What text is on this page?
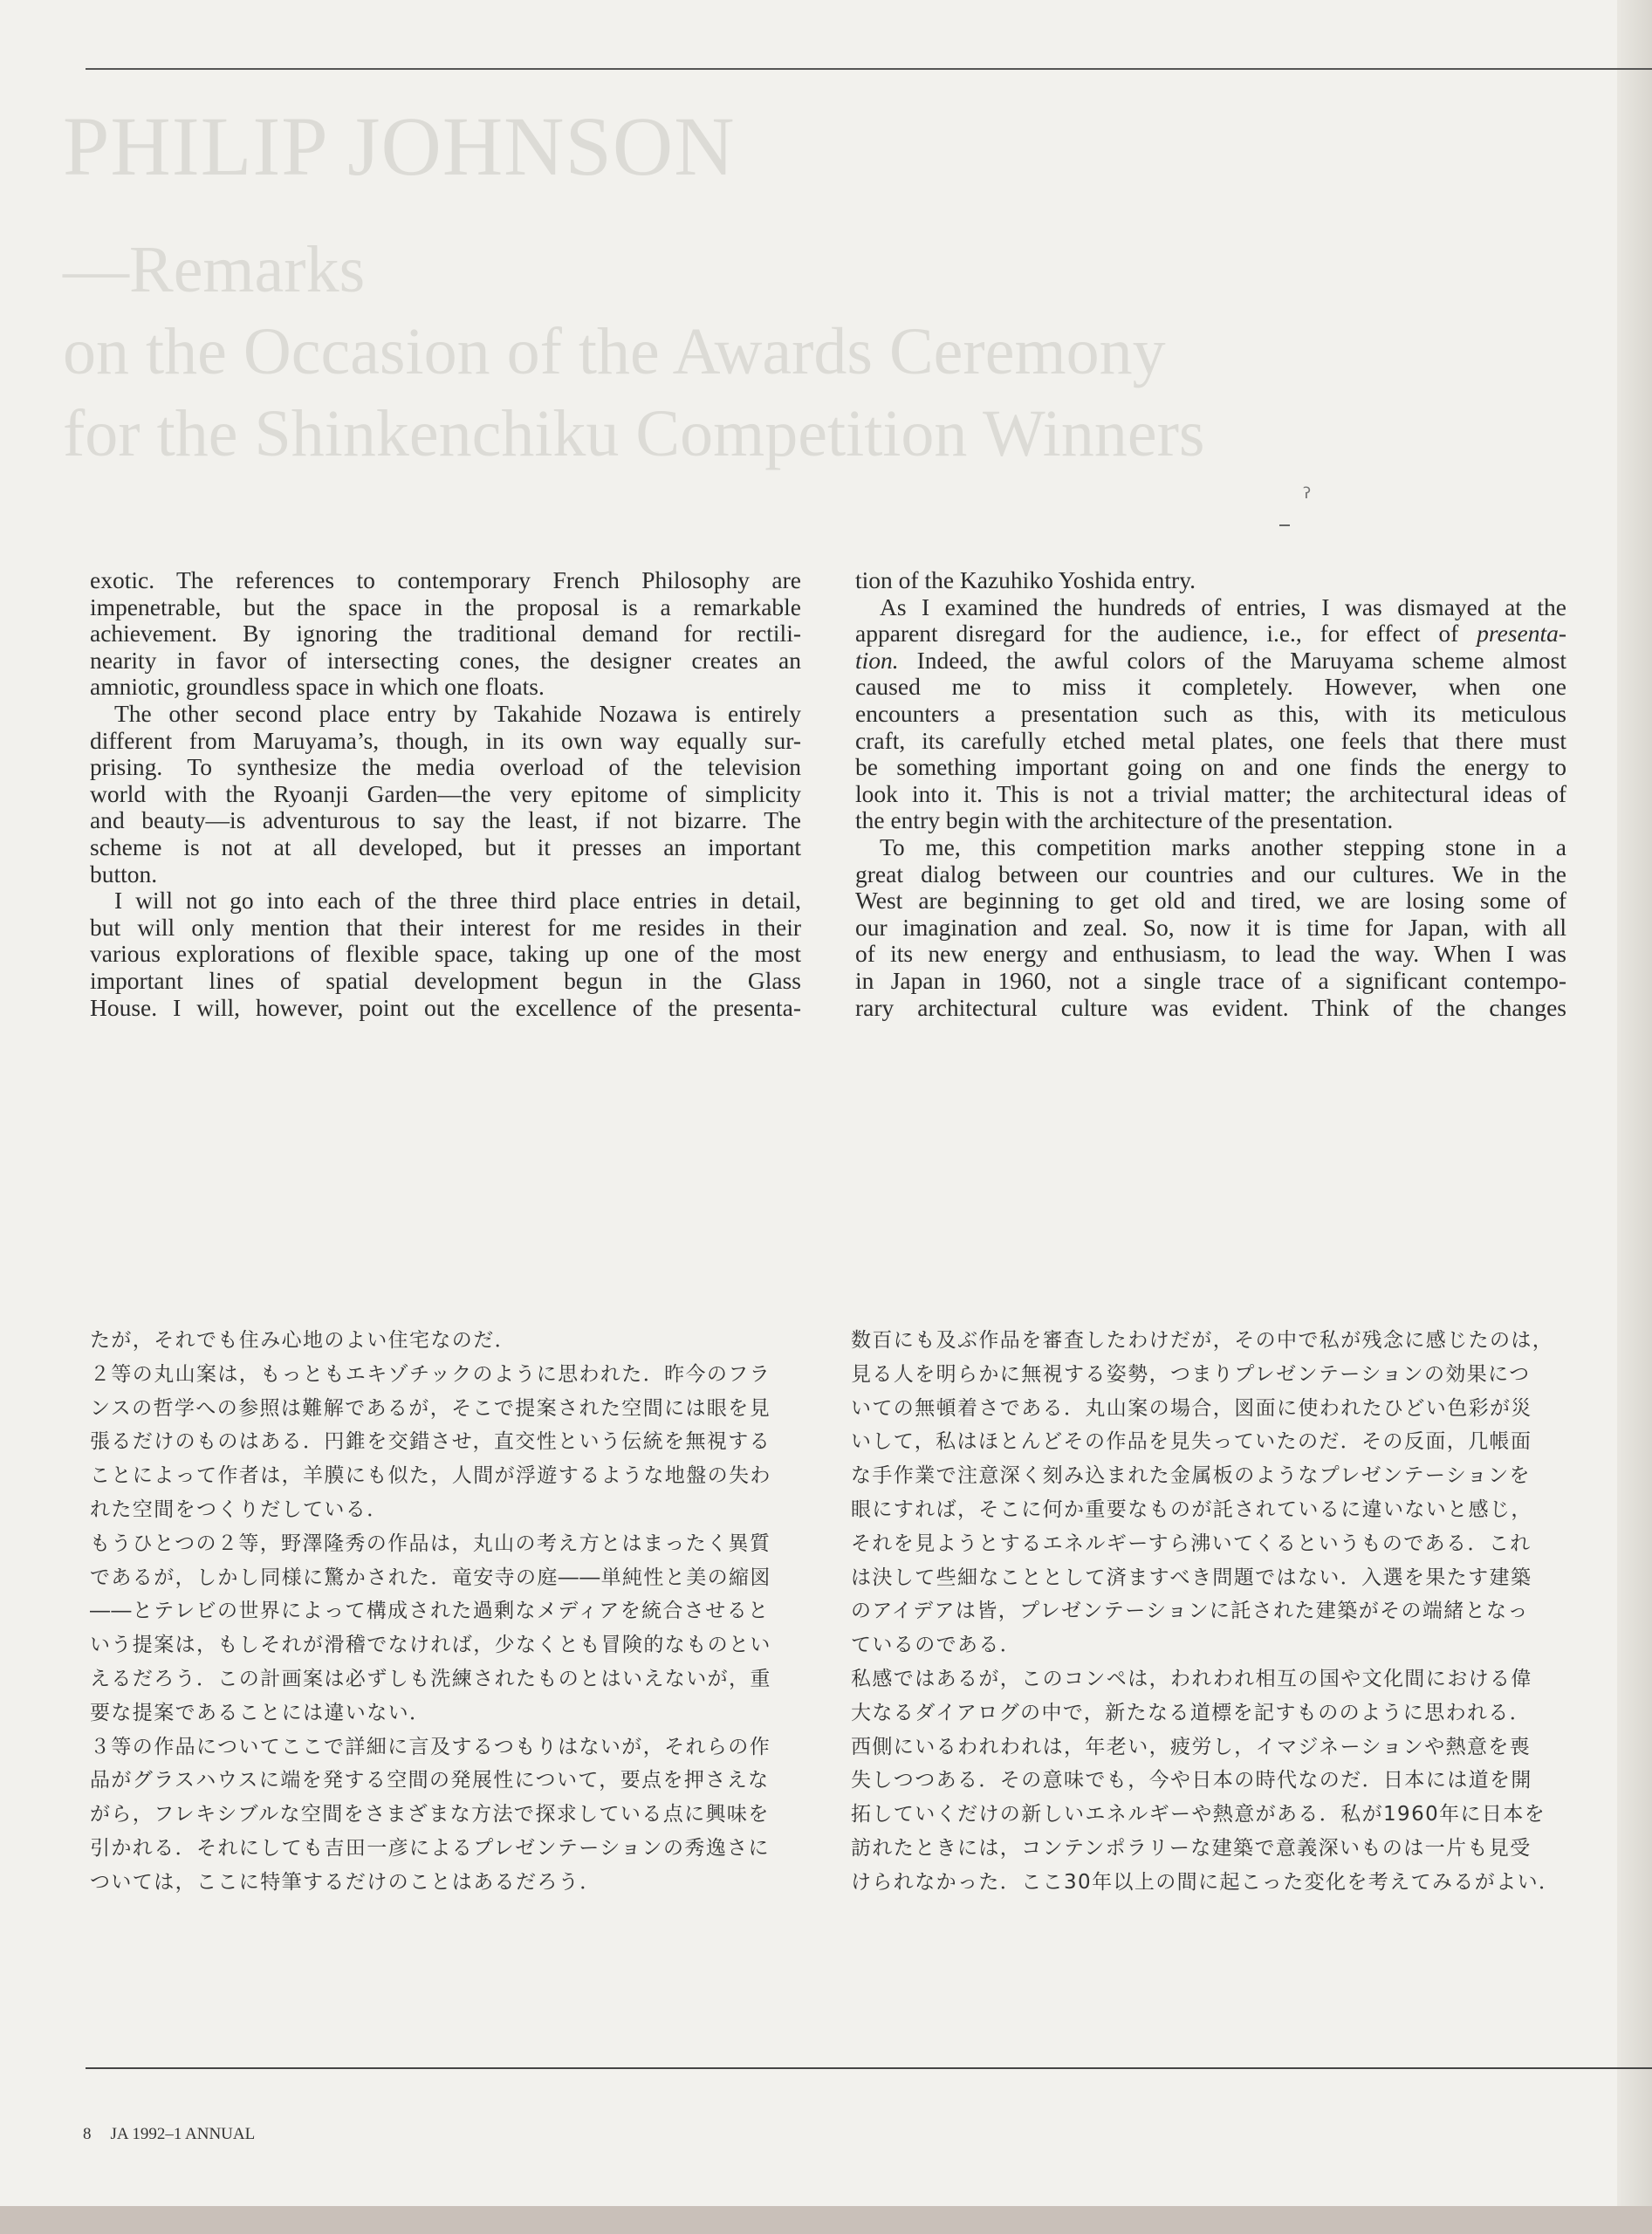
PHILIP JOHNSON
—Remarks
on the Occasion of the Awards Ceremony
for the Shinkenchiku Competition Winners
ʔ
exotic. The references to contemporary French Philosophy are
impenetrable, but the space in the proposal is a remarkable
achievement. By ignoring the traditional demand for rectili-
nearity in favor of intersecting cones, the designer creates an
amniotic, groundless space in which one floats.
The other second place entry by Takahide Nozawa is entirely
different from Maruyama’s, though, in its own way equally sur-
prising. To synthesize the media overload of the television
world with the Ryoanji Garden—the very epitome of simplicity
and beauty—is adventurous to say the least, if not bizarre. The
scheme is not at all developed, but it presses an important
button.
I will not go into each of the three third place entries in detail,
but will only mention that their interest for me resides in their
various explorations of flexible space, taking up one of the most
important lines of spatial development begun in the Glass
House. I will, however, point out the excellence of the presenta-
tion of the Kazuhiko Yoshida entry.
As I examined the hundreds of entries, I was dismayed at the
apparent disregard for the audience, i.e., for effect of presenta-
tion. Indeed, the awful colors of the Maruyama scheme almost
caused me to miss it completely. However, when one
encounters a presentation such as this, with its meticulous
craft, its carefully etched metal plates, one feels that there must
be something important going on and one finds the energy to
look into it. This is not a trivial matter; the architectural ideas of
the entry begin with the architecture of the presentation.
To me, this competition marks another stepping stone in a
great dialog between our countries and our cultures. We in the
West are beginning to get old and tired, we are losing some of
our imagination and zeal. So, now it is time for Japan, with all
of its new energy and enthusiasm, to lead the way. When I was
in Japan in 1960, not a single trace of a significant contempo-
rary architectural culture was evident. Think of the changes
たが，それでも住み心地のよい住宅なのだ．
２等の丸山案は，もっともエキゾチックのように思われた．昨今のフラ
ンスの哲学への参照は難解であるが，そこで提案された空間には眼を見
張るだけのものはある．円錐を交錯させ，直交性という伝統を無視する
ことによって作者は，羊膜にも似た，人間が浮遊するような地盤の失わ
れた空間をつくりだしている．
もうひとつの２等，野澤隆秀の作品は，丸山の考え方とはまったく異質
であるが，しかし同様に驚かされた．竜安寺の庭――単純性と美の縮図
――とテレビの世界によって構成された過剰なメディアを統合させると
いう提案は，もしそれが滑稽でなければ，少なくとも冒険的なものとい
えるだろう．この計画案は必ずしも洗練されたものとはいえないが，重
要な提案であることには違いない．
３等の作品についてここで詳細に言及するつもりはないが，それらの作
品がグラスハウスに端を発する空間の発展性について，要点を押さえな
がら，フレキシブルな空間をさまざまな方法で探求している点に興味を
引かれる．それにしても吉田一彦によるプレゼンテーションの秀逸さに
ついては，ここに特筆するだけのことはあるだろう．
数百にも及ぶ作品を審査したわけだが，その中で私が残念に感じたのは，
見る人を明らかに無視する姿勢，つまりプレゼンテーションの効果につ
いての無頓着さである．丸山案の場合，図面に使われたひどい色彩が災
いして，私はほとんどその作品を見失っていたのだ．その反面，几帳面
な手作業で注意深く刻み込まれた金属板のようなプレゼンテーションを
眼にすれば，そこに何か重要なものが託されているに違いないと感じ，
それを見ようとするエネルギーすら沸いてくるというものである．これ
は決して些細なこととして済ますべき問題ではない．入選を果たす建築
のアイデアは皆，プレゼンテーションに託された建築がその端緒となっ
ているのである．
私感ではあるが，このコンペは，われわれ相互の国や文化間における偉
大なるダイアログの中で，新たなる道標を記すもののように思われる．
西側にいるわれわれは，年老い，疲労し，イマジネーションや熱意を喪
失しつつある．その意味でも，今や日本の時代なのだ．日本には道を開
拓していくだけの新しいエネルギーや熱意がある．私が1960年に日本を
訪れたときには，コンテンポラリーな建築で意義深いものは一片も見受
けられなかった．ここ30年以上の間に起こった変化を考えてみるがよい．
8 JA 1992–1 ANNUAL
